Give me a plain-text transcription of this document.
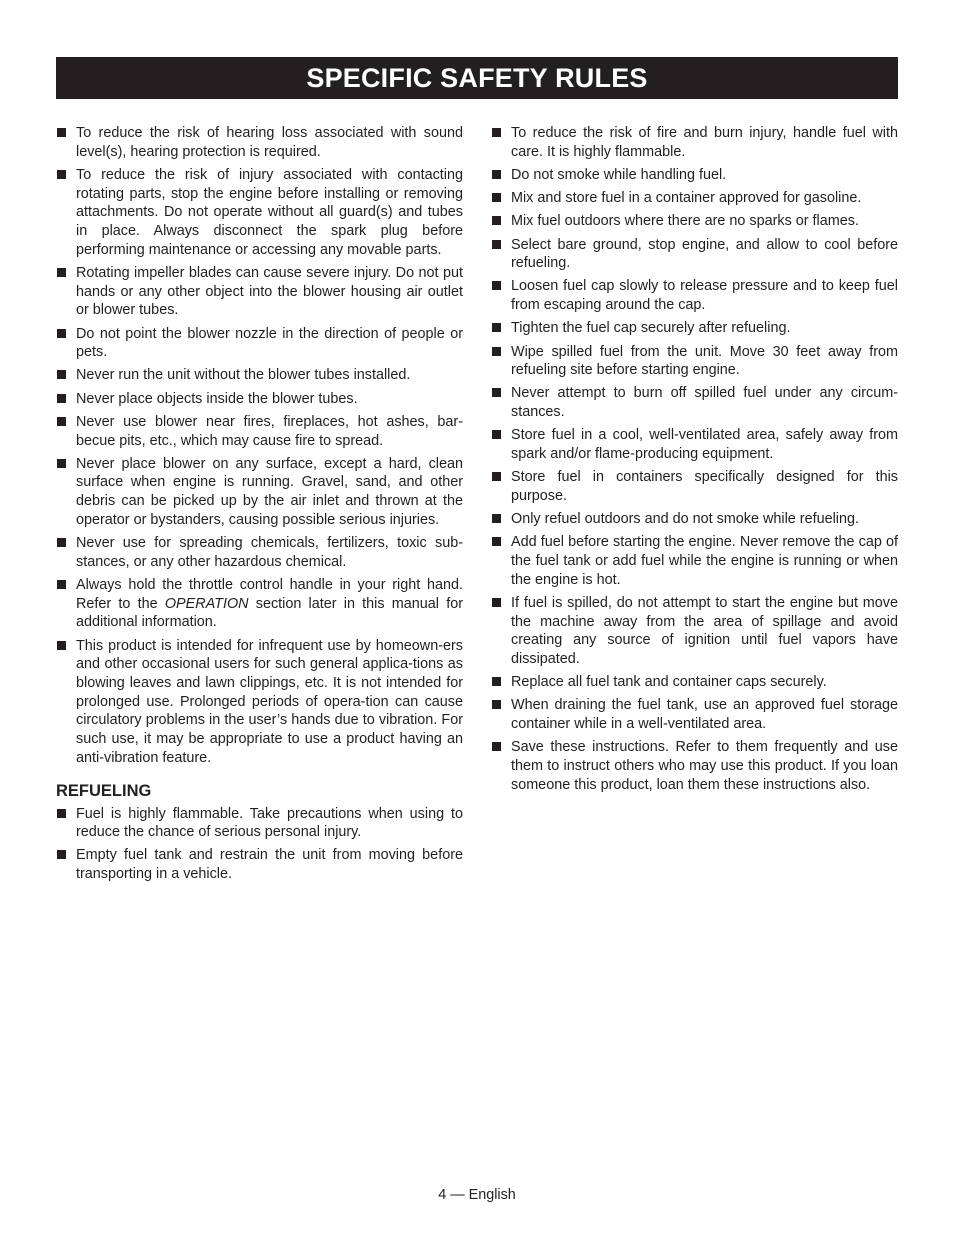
SPECIFIC SAFETY RULES
To reduce the risk of hearing loss associated with sound level(s), hearing protection is required.
To reduce the risk of injury associated with contacting rotating parts, stop the engine before installing or removing attachments. Do not operate without all guard(s) and tubes in place. Always disconnect the spark plug before performing maintenance or accessing any movable parts.
Rotating impeller blades can cause severe injury. Do not put hands or any other object into the blower housing air outlet or blower tubes.
Do not point the blower nozzle in the direction of people or pets.
Never run the unit without the blower tubes installed.
Never place objects inside the blower tubes.
Never use blower near fires, fireplaces, hot ashes, bar-becue pits, etc., which may cause fire to spread.
Never place blower on any surface, except a hard, clean surface when engine is running. Gravel, sand, and other debris can be picked up by the air inlet and thrown at the operator or bystanders, causing possible serious injuries.
Never use for spreading chemicals, fertilizers, toxic sub-stances, or any other hazardous chemical.
Always hold the throttle control handle in your right hand. Refer to the OPERATION section later in this manual for additional information.
This product is intended for infrequent use by homeown-ers and other occasional users for such general applica-tions as blowing leaves and lawn clippings, etc. It is not intended for prolonged use. Prolonged periods of opera-tion can cause circulatory problems in the user’s hands due to vibration. For such use, it may be appropriate to use a product having an anti-vibration feature.
REFUELING
Fuel is highly flammable. Take precautions when using to reduce the chance of serious personal injury.
Empty fuel tank and restrain the unit from moving before transporting in a vehicle.
To reduce the risk of fire and burn injury, handle fuel with care. It is highly flammable.
Do not smoke while handling fuel.
Mix and store fuel in a container approved for gasoline.
Mix fuel outdoors where there are no sparks or flames.
Select bare ground, stop engine, and allow to cool before refueling.
Loosen fuel cap slowly to release pressure and to keep fuel from escaping around the cap.
Tighten the fuel cap securely after refueling.
Wipe spilled fuel from the unit. Move 30 feet away from refueling site before starting engine.
Never attempt to burn off spilled fuel under any circum-stances.
Store fuel in a cool, well-ventilated area, safely away from spark and/or flame-producing equipment.
Store fuel in containers specifically designed for this purpose.
Only refuel outdoors and do not smoke while refueling.
Add fuel before starting the engine. Never remove the cap of the fuel tank or add fuel while the engine is running or when the engine is hot.
If fuel is spilled, do not attempt to start the engine but move the machine away from the area of spillage and avoid creating any source of ignition until fuel vapors have dissipated.
Replace all fuel tank and container caps securely.
When draining the fuel tank, use an approved fuel storage container while in a well-ventilated area.
Save these instructions. Refer to them frequently and use them to instruct others who may use this product. If you loan someone this product, loan them these instructions also.
4 — English
